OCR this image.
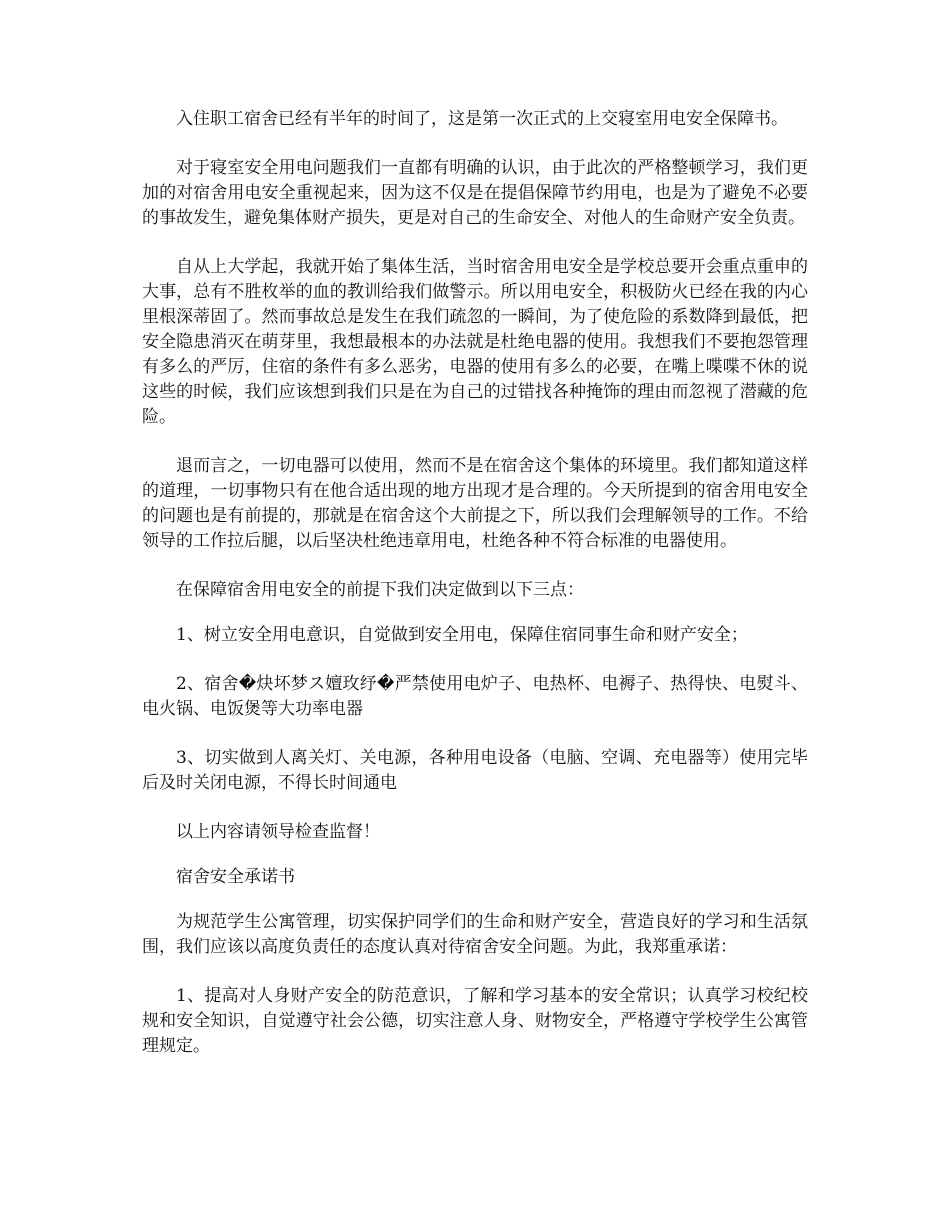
入住职工宿舍已经有半年的时间了，这是第一次正式的上交寝室用电安全保障书。

对于寝室安全用电问题我们一直都有明确的认识，由于此次的严格整顿学习，我们更加的对宿舍用电安全重视起来，因为这不仅是在提倡保障节约用电，也是为了避免不必要的事故发生，避免集体财产损失，更是对自己的生命安全、对他人的生命财产安全负责。

自从上大学起，我就开始了集体生活，当时宿舍用电安全是学校总要开会重点重申的大事，总有不胜枚举的血的教训给我们做警示。所以用电安全，积极防火已经在我的内心里根深蒂固了。然而事故总是发生在我们疏忽的一瞬间，为了使危险的系数降到最低，把安全隐患消灭在萌芽里，我想最根本的办法就是杜绝电器的使用。我想我们不要抱怨管理有多么的严厉，住宿的条件有多么恶劣，电器的使用有多么的必要，在嘴上喋喋不休的说这些的时候，我们应该想到我们只是在为自己的过错找各种掩饰的理由而忽视了潜藏的危险。

退而言之，一切电器可以使用，然而不是在宿舍这个集体的环境里。我们都知道这样的道理，一切事物只有在他合适出现的地方出现才是合理的。今天所提到的宿舍用电安全的问题也是有前提的，那就是在宿舍这个大前提之下，所以我们会理解领导的工作。不给领导的工作拉后腿，以后坚决杜绝违章用电，杜绝各种不符合标准的电器使用。

在保障宿舍用电安全的前提下我们决定做到以下三点：

1、树立安全用电意识，自觉做到安全用电，保障住宿同事生命和财产安全；

2、宿舍�炔坏梦ス嬗玫纾�严禁使用电炉子、电热杯、电褥子、热得快、电熨斗、电火锅、电饭煲等大功率电器

3、切实做到人离关灯、关电源，各种用电设备（电脑、空调、充电器等）使用完毕后及时关闭电源，不得长时间通电

以上内容请领导检查监督！

宿舍安全承诺书

为规范学生公寓管理，切实保护同学们的生命和财产安全，营造良好的学习和生活氛围，我们应该以高度负责任的态度认真对待宿舍安全问题。为此，我郑重承诺：

1、提高对人身财产安全的防范意识，了解和学习基本的安全常识；认真学习校纪校规和安全知识，自觉遵守社会公德，切实注意人身、财物安全，严格遵守学校学生公寓管理规定。
